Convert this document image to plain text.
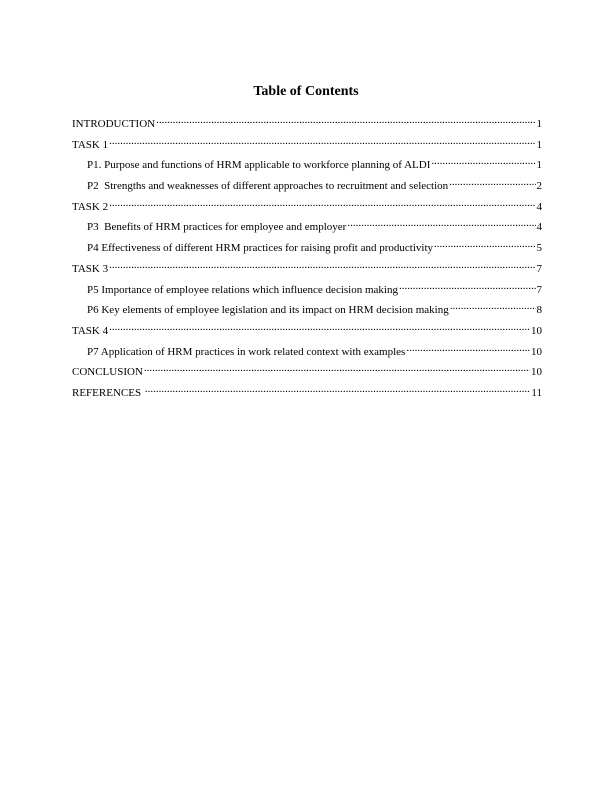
Table of Contents
INTRODUCTION .....	1
TASK 1 .....	1
P1. Purpose and functions of HRM applicable to workforce planning of ALDI .....	1
P2  Strengths and weaknesses of different approaches to recruitment and selection .....	2
TASK 2 .....	4
P3  Benefits of HRM practices for employee and employer .....	4
P4 Effectiveness of different HRM practices for raising profit and productivity .....	5
TASK 3 .....	7
P5 Importance of employee relations which influence decision making .....	7
P6 Key elements of employee legislation and its impact on HRM decision making .....	8
TASK 4 .....	10
P7 Application of HRM practices in work related context with examples .....	10
CONCLUSION .....	10
REFERENCES .....	11
